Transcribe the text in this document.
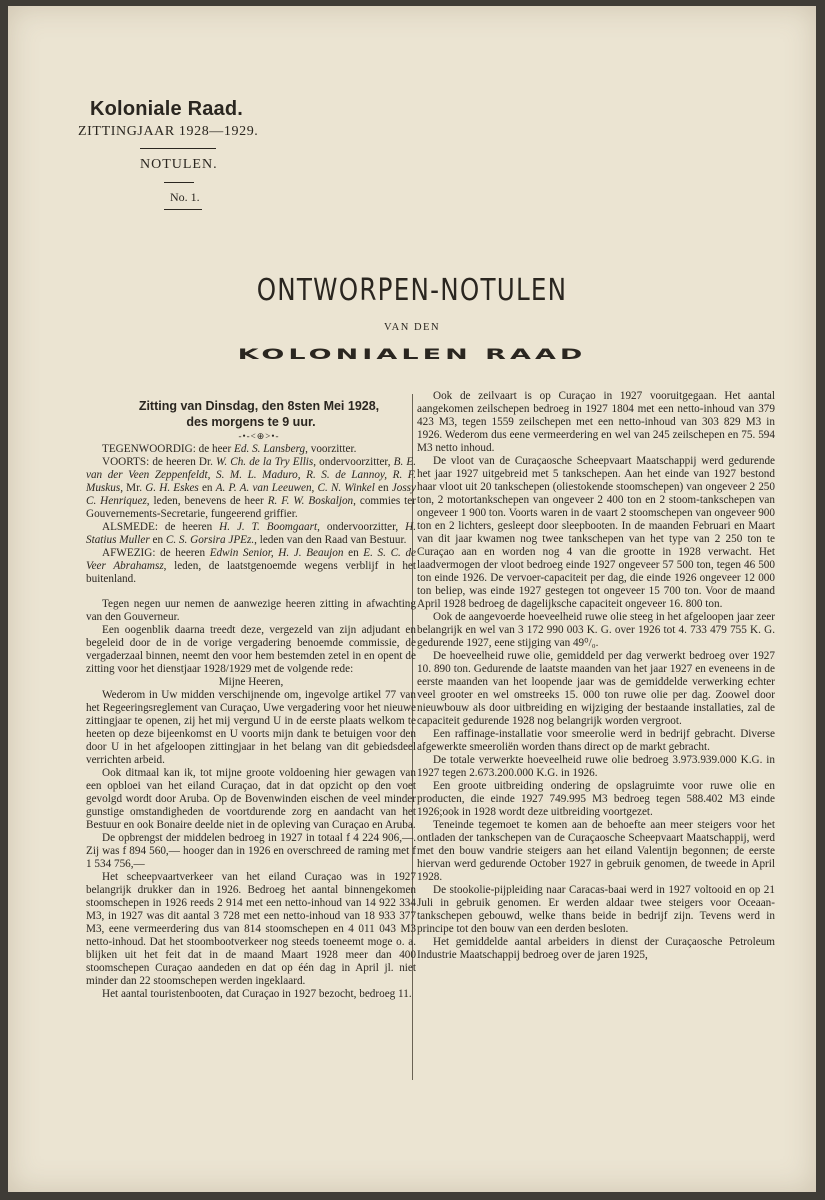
Koloniale Raad.
ZITTINGJAAR 1928—1929.
NOTULEN.
No. 1.
ONTWORPEN-NOTULEN
VAN DEN
KOLONIALEN RAAD

Zitting van Dinsdag, den 8sten Mei 1928,
des morgens te 9 uur.

-•-<⊕>•-

TEGENWOORDIG: de heer Ed. S. Lansberg, voorzitter.

VOORTS: de heeren Dr. W. Ch. de la Try Ellis, ondervoorzitter, B. E. van der Veen Zeppenfeldt, S. M. L. Maduro, R. S. de Lannoy, R. F. Muskus, Mr. G. H. Eskes en A. P. A. van Leeuwen, C. N. Winkel en Jossy C. Henriquez, leden, benevens de heer R. F. W. Boskaljon, commies ter Gouvernements-Secretarie, fungeerend griffier.

ALSMEDE: de heeren H. J. T. Boomgaart, ondervoorzitter, H. Statius Muller en C. S. Gorsira JPEz., leden van den Raad van Bestuur.

AFWEZIG: de heeren Edwin Senior, H. J. Beaujon en E. S. C. de Veer Abrahamsz, leden, de laatstgenoemde wegens verblijf in het buitenland.

Tegen negen uur nemen de aanwezige heeren zitting in afwachting van den Gouverneur.

Een oogenblik daarna treedt deze, vergezeld van zijn adjudant en begeleid door de in de vorige vergadering benoemde commissie, de vergaderzaal binnen, neemt den voor hem bestemden zetel in en opent de zitting voor het dienstjaar 1928/1929 met de volgende rede:

Mijne Heeren,

Wederom in Uw midden verschijnende om, ingevolge artikel 77 van het Regeeringsreglement van Curaçao, Uwe vergadering voor het nieuwe zittingjaar te openen, zij het mij vergund U in de eerste plaats welkom te heeten op deze bijeenkomst en U voorts mijn dank te betuigen voor den door U in het afgeloopen zittingjaar in het belang van dit gebiedsdeel verrichten arbeid.

Ook ditmaal kan ik, tot mijne groote voldoening hier gewagen van een opbloei van het eiland Curaçao, dat in dat opzicht op den voet gevolgd wordt door Aruba. Op de Bovenwinden eischen de veel minder gunstige omstandigheden de voortdurende zorg en aandacht van het Bestuur en ook Bonaire deelde niet in de opleving van Curaçao en Aruba.

De opbrengst der middelen bedroeg in 1927 in totaal f 4 224 906,—. Zij was f 894 560,— hooger dan in 1926 en overschreed de raming met f 1 534 756,—

Het scheepvaartverkeer van het eiland Curaçao was in 1927 belangrijk drukker dan in 1926. Bedroeg het aantal binnengekomen stoomschepen in 1926 reeds 2 914 met een netto-inhoud van 14 922 334 M3, in 1927 was dit aantal 3 728 met een netto-inhoud van 18 933 377 M3, eene vermeerdering dus van 814 stoomschepen en 4 011 043 M3 netto-inhoud. Dat het stoombootverkeer nog steeds toeneemt moge o. a. blijken uit het feit dat in de maand Maart 1928 meer dan 400 stoomschepen Curaçao aandeden en dat op één dag in April jl. niet minder dan 22 stoomschepen werden ingeklaard.

Het aantal touristenbooten, dat Curaçao in 1927 bezocht, bedroeg 11.

Ook de zeilvaart is op Curaçao in 1927 vooruitgegaan. Het aantal aangekomen zeilschepen bedroeg in 1927 1804 met een netto-inhoud van 379 423 M3, tegen 1559 zeilschepen met een netto-inhoud van 303 829 M3 in 1926. Wederom dus eene vermeerdering en wel van 245 zeilschepen en 75. 594 M3 netto inhoud.

De vloot van de Curaçaosche Scheepvaart Maatschappij werd gedurende het jaar 1927 uitgebreid met 5 tankschepen. Aan het einde van 1927 bestond haar vloot uit 20 tankschepen (oliestokende stoomschepen) van ongeveer 2 250 ton, 2 motortankschepen van ongeveer 2 400 ton en 2 stoom-tankschepen van ongeveer 1 900 ton. Voorts waren in de vaart 2 stoomschepen van ongeveer 900 ton en 2 lichters, gesleept door sleepbooten. In de maanden Februari en Maart van dit jaar kwamen nog twee tankschepen van het type van 2 250 ton te Curaçao aan en worden nog 4 van die grootte in 1928 verwacht. Het laadvermogen der vloot bedroeg einde 1927 ongeveer 57 500 ton, tegen 46 500 ton einde 1926. De vervoer-capaciteit per dag, die einde 1926 ongeveer 12 000 ton beliep, was einde 1927 gestegen tot ongeveer 15 700 ton. Voor de maand April 1928 bedroeg de dagelijksche capaciteit ongeveer 16. 800 ton.

Ook de aangevoerde hoeveelheid ruwe olie steeg in het afgeloopen jaar zeer belangrijk en wel van 3 172 990 003 K. G. over 1926 tot 4. 733 479 755 K. G. gedurende 1927, eene stijging van 49⁰/₀.

De hoeveelheid ruwe olie, gemiddeld per dag verwerkt bedroeg over 1927 10. 890 ton. Gedurende de laatste maanden van het jaar 1927 en eveneens in de eerste maanden van het loopende jaar was de gemiddelde verwerking echter veel grooter en wel omstreeks 15. 000 ton ruwe olie per dag. Zoowel door nieuwbouw als door uitbreiding en wijziging der bestaande installaties, zal de capaciteit gedurende 1928 nog belangrijk worden vergroot.

Een raffinage-installatie voor smeerolie werd in bedrijf gebracht. Diverse afgewerkte smeeroliën worden thans direct op de markt gebracht.

De totale verwerkte hoeveelheid ruwe olie bedroeg 3.973.939.000 K.G. in 1927 tegen 2.673.200.000 K.G. in 1926.

Een groote uitbreiding ondering de opslagruimte voor ruwe olie en producten, die einde 1927 749.995 M3 bedroeg tegen 588.402 M3 einde 1926;ook in 1928 wordt deze uitbreiding voortgezet.

Teneinde tegemoet te komen aan de behoefte aan meer steigers voor het ontladen der tankschepen van de Curaçaosche Scheepvaart Maatschappij, werd met den bouw vandrie steigers aan het eiland Valentijn begonnen; de eerste hiervan werd gedurende October 1927 in gebruik genomen, de tweede in April 1928.

De stookolie-pijpleiding naar Caracas-baai werd in 1927 voltooid en op 21 Juli in gebruik genomen. Er werden aldaar twee steigers voor Oceaan-tankschepen gebouwd, welke thans beide in bedrijf zijn. Tevens werd in principe tot den bouw van een derden besloten.

Het gemiddelde aantal arbeiders in dienst der Curaçaosche Petroleum Industrie Maatschappij bedroeg over de jaren 1925,
